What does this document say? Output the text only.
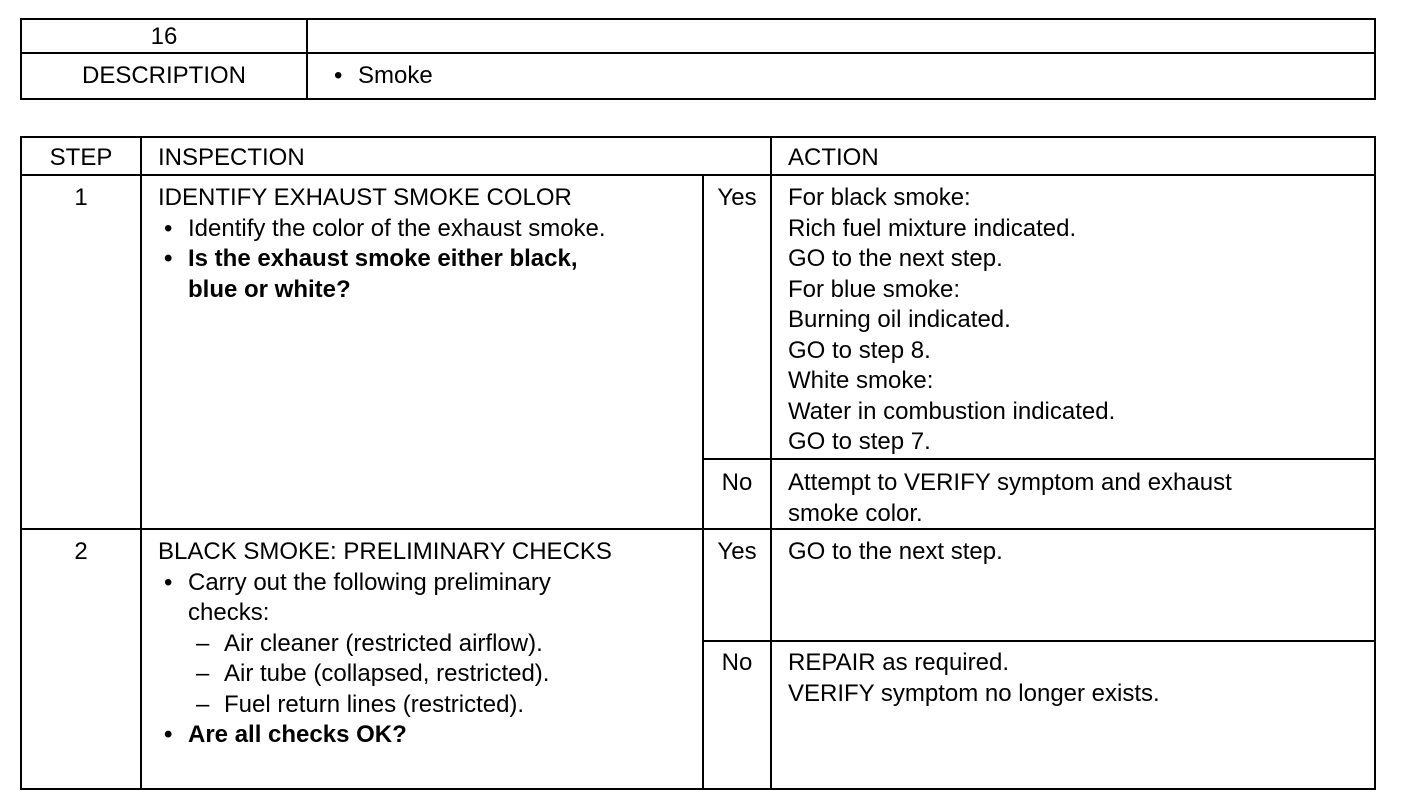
16
DESCRIPTION	• Smoke
STEP	INSPECTION	ACTION
1	IDENTIFY EXHAUST SMOKE COLOR
• Identify the color of the exhaust smoke.
• Is the exhaust smoke either black,
blue or white?
Yes	For black smoke:
Rich fuel mixture indicated.
GO to the next step.
For blue smoke:
Burning oil indicated.
GO to step 8.
White smoke:
Water in combustion indicated.
GO to step 7.
No	Attempt to VERIFY symptom and exhaust
smoke color.
2	BLACK SMOKE: PRELIMINARY CHECKS
• Carry out the following preliminary
checks:
– Air cleaner (restricted airflow).
– Air tube (collapsed, restricted).
– Fuel return lines (restricted).
• Are all checks OK?
Yes	GO to the next step.
No	REPAIR as required.
VERIFY symptom no longer exists.
